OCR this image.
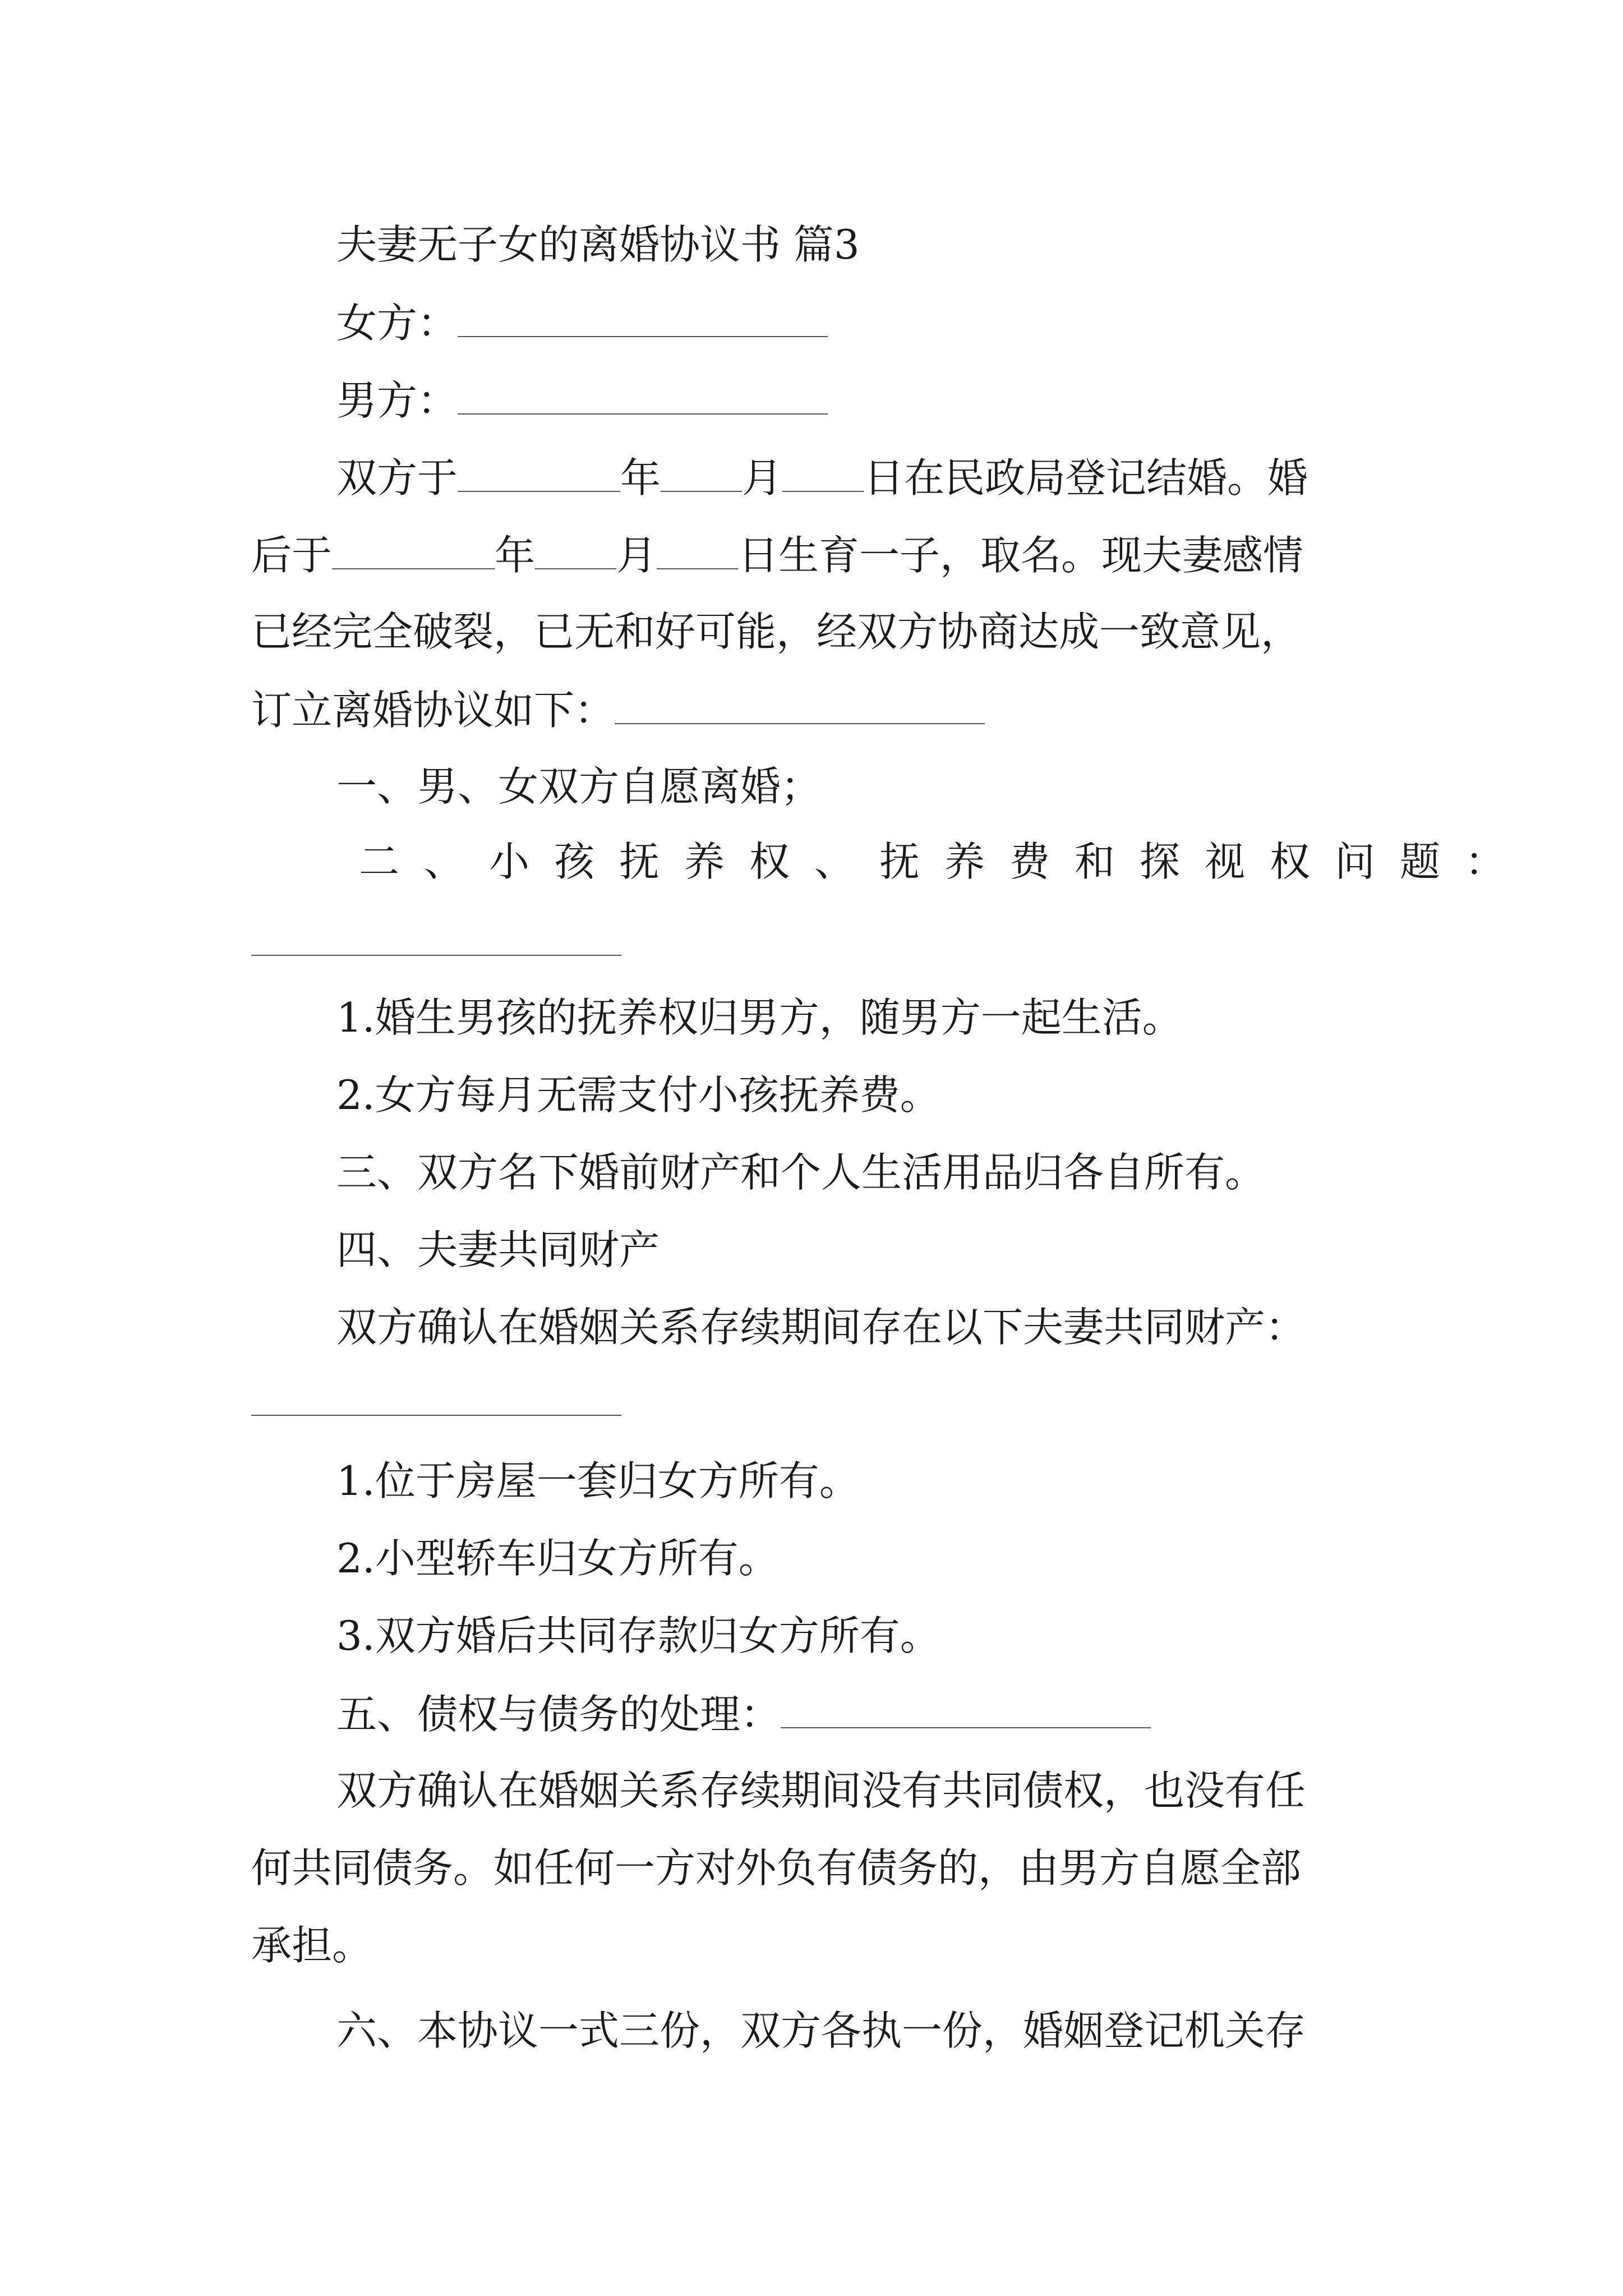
夫妻无子女的离婚协议书 篇3
女方：
男方：
双方于	年 月 日在民政局登记结婚。婚
后于	年 月 日生育一子，取名。现夫妻感情
已经完全破裂，已无和好可能，经双方协商达成一致意见，
订立离婚协议如下：
一、男、女双方自愿离婚；
二、小孩抚养权、抚养费和探视权问题：
1.婚生男孩的抚养权归男方，随男方一起生活。
2.女方每月无需支付小孩抚养费。
三、双方名下婚前财产和个人生活用品归各自所有。
四、夫妻共同财产
双方确认在婚姻关系存续期间存在以下夫妻共同财产：
1.位于房屋一套归女方所有。
2.小型轿车归女方所有。
3.双方婚后共同存款归女方所有。
五、债权与债务的处理：
双方确认在婚姻关系存续期间没有共同债权，也没有任
何共同债务。如任何一方对外负有债务的，由男方自愿全部
承担。
六、本协议一式三份，双方各执一份，婚姻登记机关存
